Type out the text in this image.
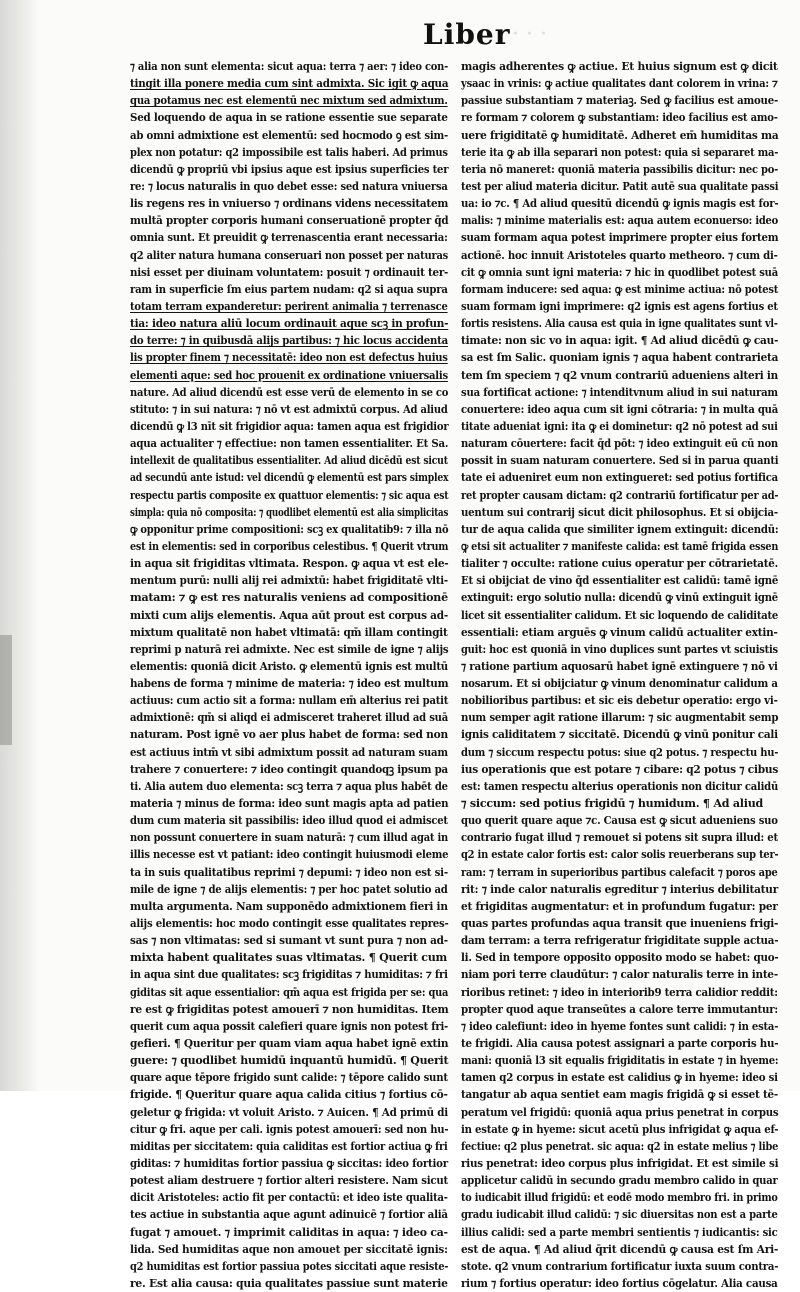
Liber
· · · ·
⁊ alia non sunt elementa: sicut aqua: terra ⁊ aer: ⁊ ideo con-
tingit illa ponere media cum sint admixta. Sic igit ꝙ aqua
qua potamus nec est elementū nec mixtum sed admixtum.
Sed loquendo de aqua in se ratione essentie sue separate
ab omni admixtione est elementū: sed hocmodo ꝯ est sim-
plex non potatur: q2 impossibile est talis haberi. Ad primus
dicendū ꝙ propriū vbi ipsius aque est ipsius superficies ter
re: ⁊ locus naturalis in quo debet esse: sed natura vniuersa
lis regens res in vniuerso ⁊ ordinans videns necessitatem
multā propter corporis humani conseruationē propter q̄d
omnia sunt. Et preuidit ꝙ terrenascentia erant necessaria:
q2 aliter natura humana conseruari non posset per naturas
nisi esset per diuinam voluntatem: posuit ⁊ ordinauit ter-
ram in superficie ſm eius partem nudam: q2 si aqua supra
totam terram expanderetur: perirent animalia ⁊ terrenasce
tia: ideo natura aliū locum ordinauit aque scꝫ in profun-
do terre: ⁊ in quibusdā alijs partibus: ⁊ hic locus accidenta
lis propter finem ⁊ necessitatē: ideo non est defectus huius
elementi aque: sed hoc prouenit ex ordinatione vniuersalis
nature. Ad aliud dicendū est esse verū de elemento in se co
stituto: ⁊ in sui natura: ⁊ nō vt est admixtū corpus. Ad aliud
dicendū ꝙ l3 nīt sit frigidior aqua: tamen aqua est frigidior
aqua actualiter ⁊ effectiue: non tamen essentialiter. Et Sa.
intellexit de qualitatibus essentialiter. Ad aliud dicēdū est sicut
ad secundū ante istud: vel dicendū ꝙ elementū est pars simplex
respectu partis composite ex quattuor elementis: ⁊ sic aqua est
simpla: quia nō composita: ⁊ quodlibet elementū est alia simplicitas
ꝙ opponitur prime compositioni: scꝫ ex qualitatib9: ⁊ illa nō
est in elementis: sed in corporibus celestibus. ¶ Querit vtrum
in aqua sit frigiditas vltimata. Respon. ꝙ aqua vt est ele-
mentum purū: nulli alij rei admixtū: habet frigiditatē vlti-
matam: ⁊ ꝙ est res naturalis veniens ad compositionē
mixti cum alijs elementis. Aqua aūt prout est corpus ad-
mixtum qualitatē non habet vltimatā: qm̄ illam contingit
reprimi p naturā rei admixte. Nec est simile de igne ⁊ alijs
elementis: quoniā dicit Aristo. ꝙ elementū ignis est multū
habens de forma ⁊ minime de materia: ⁊ ideo est multum
actiuus: cum actio sit a forma: nullam em̄ alterius rei patit
admixtionē: qm̄ si aliqd ei admisceret traheret illud ad suā
naturam. Post ignē vo aer plus habet de forma: sed non
est actiuus intm̄ vt sibi admixtum possit ad naturam suam
trahere ⁊ conuertere: ⁊ ideo contingit quandoqꝫ ipsum pa
ti. Alia autem duo elementa: scꝫ terra ⁊ aqua plus habēt de
materia ⁊ minus de forma: ideo sunt magis apta ad patien
dum cum materia sit passibilis: ideo illud quod ei admiscet
non possunt conuertere in suam naturā: ⁊ cum illud agat in
illis necesse est vt patiant: ideo contingit huiusmodi eleme
ta in suis qualitatibus reprimi ⁊ depumi: ⁊ ideo non est si-
mile de igne ⁊ de alijs elementis: ⁊ per hoc patet solutio ad
multa argumenta. Nam supponēdo admixtionem fieri in
alijs elementis: hoc modo contingit esse qualitates repres-
sas ⁊ non vltimatas: sed si sumant vt sunt pura ⁊ non ad-
mixta habent qualitates suas vltimatas. ¶ Querit cum
in aqua sint due qualitates: scꝫ frigiditas ⁊ humiditas: ⁊ fri
giditas sit aque essentialior: qm̄ aqua est frigida per se: qua
re est ꝙ frigiditas potest amouerī ⁊ non humiditas. Item
querit cum aqua possit calefieri quare ignis non potest fri-
gefieri. ¶ Queritur per quam viam aqua habet ignē extin
guere: ⁊ quodlibet humidū inquantū humidū. ¶ Querit
quare aque tēpore frigido sunt calide: ⁊ tēpore calido sunt
frigide. ¶ Queritur quare aqua calida citius ⁊ fortius cō-
geletur ꝙ frigida: vt voluit Aristo. ⁊ Auicen. ¶ Ad primū di
citur ꝙ fri. aque per cali. ignis potest amouerī: sed non hu-
miditas per siccitatem: quia caliditas est fortior actiua ꝙ fri
giditas: ⁊ humiditas fortior passiua ꝙ siccitas: ideo fortior
potest aliam destruere ⁊ fortior alteri resistere. Nam sicut
dicit Aristoteles: actio fit per contactū: et ideo iste qualita-
tes actiue in substantia aque agunt adinuicē ⁊ fortior aliā
fugat ⁊ amouet. ⁊ imprimit caliditas in aqua: ⁊ ideo ca-
lida. Sed humiditas aque non amouet per siccitatē ignis:
q2 humiditas est fortior passiua potes siccitati aque resiste-
re. Est alia causa: quia qualitates passiue sunt materie
magis adherentes ꝙ actiue. Et huius signum est ꝙ dicit
ysaac in vrinis: ꝙ actiue qualitates dant colorem in vrina: ⁊
passiue substantiam ⁊ materiaꝫ. Sed ꝙ facilius est amoue-
re formam ⁊ colorem ꝙ substantiam: ideo facilius est amo-
uere frigiditatē ꝙ humiditatē. Adheret em̄ humiditas ma
terie ita ꝙ ab illa separari non potest: quia si separaret ma-
teria nō maneret: quoniā materia passibilis dicitur: nec po-
test per aliud materia dicitur. Patit autē sua qualitate passi
ua: io ⁊c. ¶ Ad aliud quesitū dicendū ꝙ ignis magis est for-
malis: ⁊ minime materialis est: aqua autem econuerso: ideo
suam formam aqua potest imprimere propter eius fortem
actionē. hoc innuit Aristoteles quarto metheoro. ⁊ cum di-
cit ꝙ omnia sunt igni materia: ⁊ hic in quodlibet potest suā
formam inducere: sed aqua: ꝙ est minime actiua: nō potest
suam formam igni imprimere: q2 ignis est agens fortius et
fortis resistens. Alia causa est quia in igne qualitates sunt vl-
timate: non sic vo in aqua: igit. ¶ Ad aliud dicēdū ꝙ cau-
sa est ſm Salic. quoniam ignis ⁊ aqua habent contrarieta
tem ſm speciem ⁊ q2 vnum contrariū adueniens alteri in
sua fortificat actione: ⁊ intenditvnum aliud in sui naturam
conuertere: ideo aqua cum sit igni cōtraria: ⁊ in multa quā
titate adueniat igni: ita ꝙ ei dominetur: q2 nō potest ad sui
naturam cōuertere: facit q̄d pōt: ⁊ ideo extinguit eū cū non
possit in suam naturam conuertere. Sed si in parua quanti
tate ei adueniret eum non extingueret: sed potius fortifica
ret propter causam dictam: q2 contrariū fortificatur per ad-
uentum sui contrarij sicut dicit philosophus. Et si obijcia-
tur de aqua calida que similiter ignem extinguit: dicendū:
ꝙ etsi sit actualiter ⁊ manifeste calida: est tamē frigida essen
tialiter ⁊ occulte: ratione cuius operatur per cōtrarietatē.
Et si obijciat de vino q̄d essentialiter est calidū: tamē ignē
extinguit: ergo solutio nulla: dicendū ꝙ vinū extinguit ignē
licet sit essentialiter calidum. Et sic loquendo de caliditate
essentiali: etiam arguēs ꝙ vinum calidū actualiter extin-
guit: hoc est quoniā in vino duplices sunt partes vt sciuistis
⁊ ratione partium aquosarū habet ignē extinguere ⁊ nō vi
nosarum. Et si obijciatur ꝙ vinum denominatur calidum a
nobilioribus partibus: et sic eis debetur operatio: ergo vi-
num semper agit ratione illarum: ⁊ sic augmentabit semp
ignis caliditatem ⁊ siccitatē. Dicendū ꝙ vinū ponitur cali
dum ⁊ siccum respectu potus: siue q2 potus. ⁊ respectu hu-
ius operationis que est potare ⁊ cibare: q2 potus ⁊ cibus
est: tamen respectu alterius operationis non dicitur calidū
⁊ siccum: sed potius frigidū ⁊ humidum. ¶ Ad aliud
quo querit quare aque ⁊c. Causa est ꝙ sicut adueniens suo
contrario fugat illud ⁊ remouet si potens sit supra illud: et
q2 in estate calor fortis est: calor solis reuerberans sup ter-
ram: ⁊ terram in superioribus partibus calefacit ⁊ poros ape
rit: ⁊ inde calor naturalis egreditur ⁊ interius debilitatur
et frigiditas augmentatur: et in profundum fugatur: per
quas partes profundas aqua transit que inueniens frigi-
dam terram: a terra refrigeratur frigiditate supple actua-
li. Sed in tempore opposito opposito modo se habet: quo-
niam pori terre claudūtur: ⁊ calor naturalis terre in inte-
rioribus retinet: ⁊ ideo in interiorib9 terra calidior reddit:
propter quod aque transeūtes a calore terre immutantur:
⁊ ideo calefiunt: ideo in hyeme fontes sunt calidi: ⁊ in esta-
te frigidi. Alia causa potest assignari a parte corporis hu-
mani: quoniā l3 sit equalis frigiditatis in estate ⁊ in hyeme:
tamen q2 corpus in estate est calidius ꝙ in hyeme: ideo si
tangatur ab aqua sentiet eam magis frigidā ꝙ si esset tē-
peratum vel frigidū: quoniā aqua prius penetrat in corpus
in estate ꝙ in hyeme: sicut acetū plus infrigidat ꝙ aqua ef-
fectiue: q2 plus penetrat. sic aqua: q2 in estate melius ⁊ libe
rius penetrat: ideo corpus plus infrigidat. Et est simile si
applicetur calidū in secundo gradu membro calido in quar
to iudicabit illud frigidū: et eodē modo membro fri. in primo
gradu iudicabit illud calidū: ⁊ sic diuersitas non est a parte
illius calidi: sed a parte membri sentientis ⁊ iudicantis: sic
est de aqua. ¶ Ad aliud q̄rit dicendū ꝙ causa est ſm Ari-
stote. q2 vnum contrarium fortificatur iuxta suum contra-
rium ⁊ fortius operatur: ideo fortius cōgelatur. Alia causa
